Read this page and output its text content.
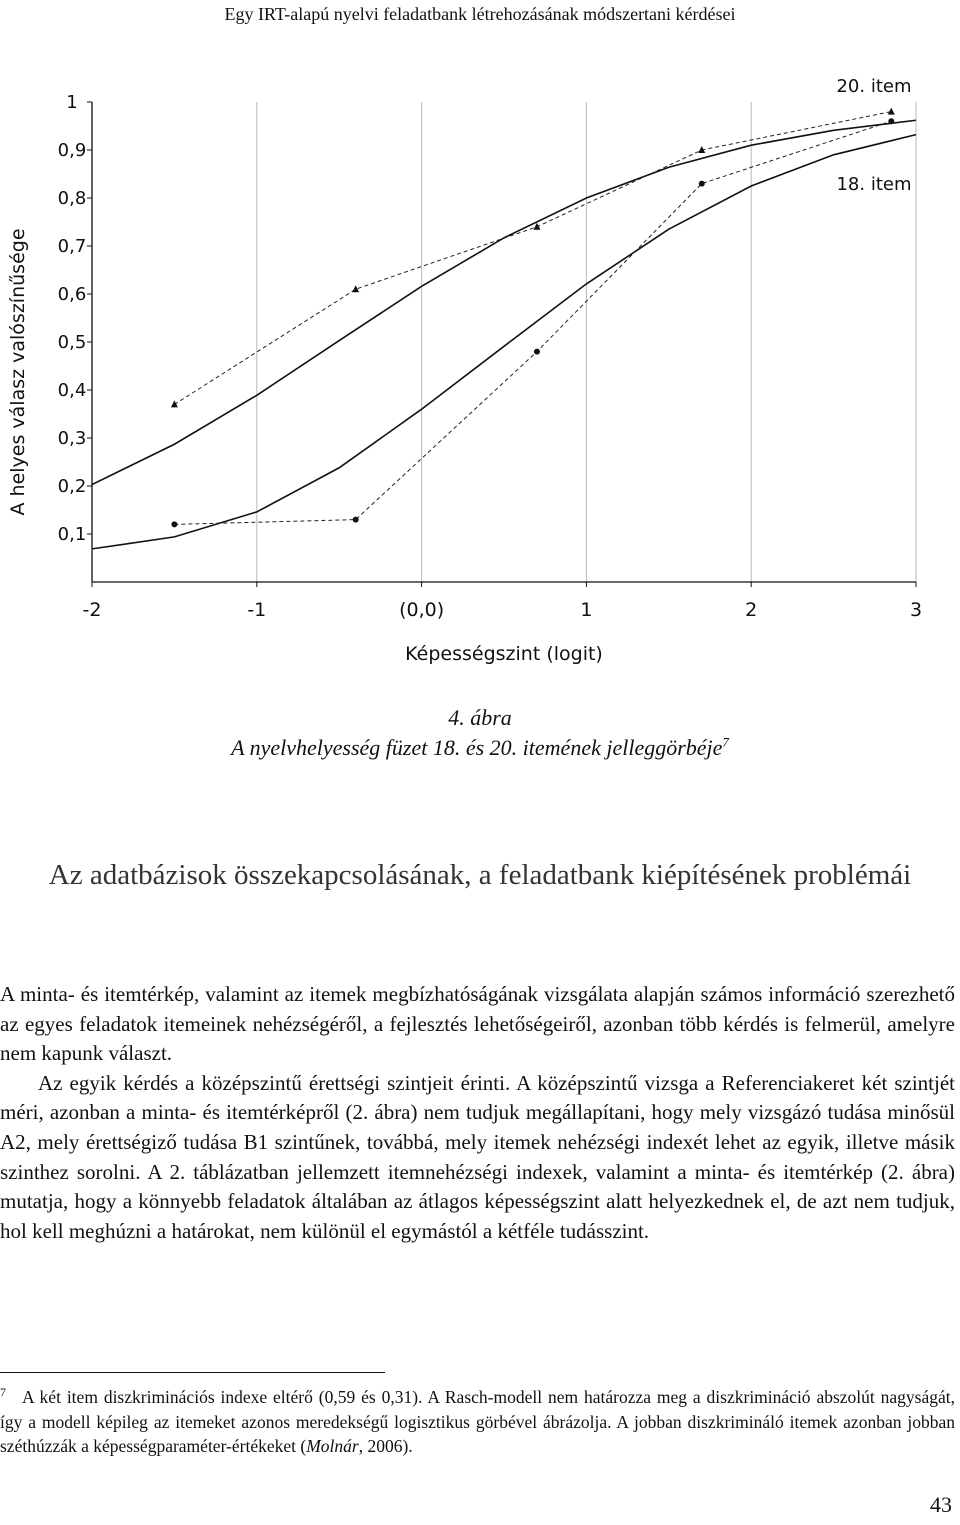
Egy IRT-alapú nyelvi feladatbank létrehozásának módszertani kérdései
-2	-1	(0,0)	1	2	3
0,1
0,2
0,3
0,4
0,5
0,6
0,7
0,8
0,9
1
Képességszint (logit)
A helyes válasz valószínűsége
20. item
18. item
4. ábra
A nyelvhelyesség füzet 18. és 20. itemének jelleggörbéje$^7$
Az adatbázisok összekapcsolásának, a feladatbank kiépítésének problémái

A minta- és itemtérkép, valamint az itemek megbízhatóságának vizsgálata alapján számos információ szerezhető az egyes feladatok itemeinek nehézségéről, a fejlesztés lehetőségeiről, azonban több kérdés is felmerül, amelyre nem kapunk választ.

Az egyik kérdés a középszintű érettségi szintjeit érinti. A középszintű vizsga a Referenciakeret két szintjét méri, azonban a minta- és itemtérképről (2. ábra) nem tudjuk megállapítani, hogy mely vizsgázó tudása minősül A2, mely érettségiző tudása B1 szintűnek, továbbá, mely itemek nehézségi indexét lehet az egyik, illetve másik szinthez sorolni. A 2. táblázatban jellemzett itemnehézségi indexek, valamint a minta- és itemtérkép (2. ábra) mutatja, hogy a könnyebb feladatok általában az átlagos képességszint alatt helyezkednek el, de azt nem tudjuk, hol kell meghúzni a határokat, nem különül el egymástól a kétféle tudásszint.

$^7$ A két item diszkriminációs indexe eltérő (0,59 és 0,31). A Rasch-modell nem határozza meg a diszkrimináció abszolút nagyságát, így a modell képileg az itemeket azonos meredekségű logisztikus görbével ábrázolja. A jobban diszkrimináló itemek azonban jobban széthúzzák a képességparaméter-értékeket (Molnár, 2006).
43
